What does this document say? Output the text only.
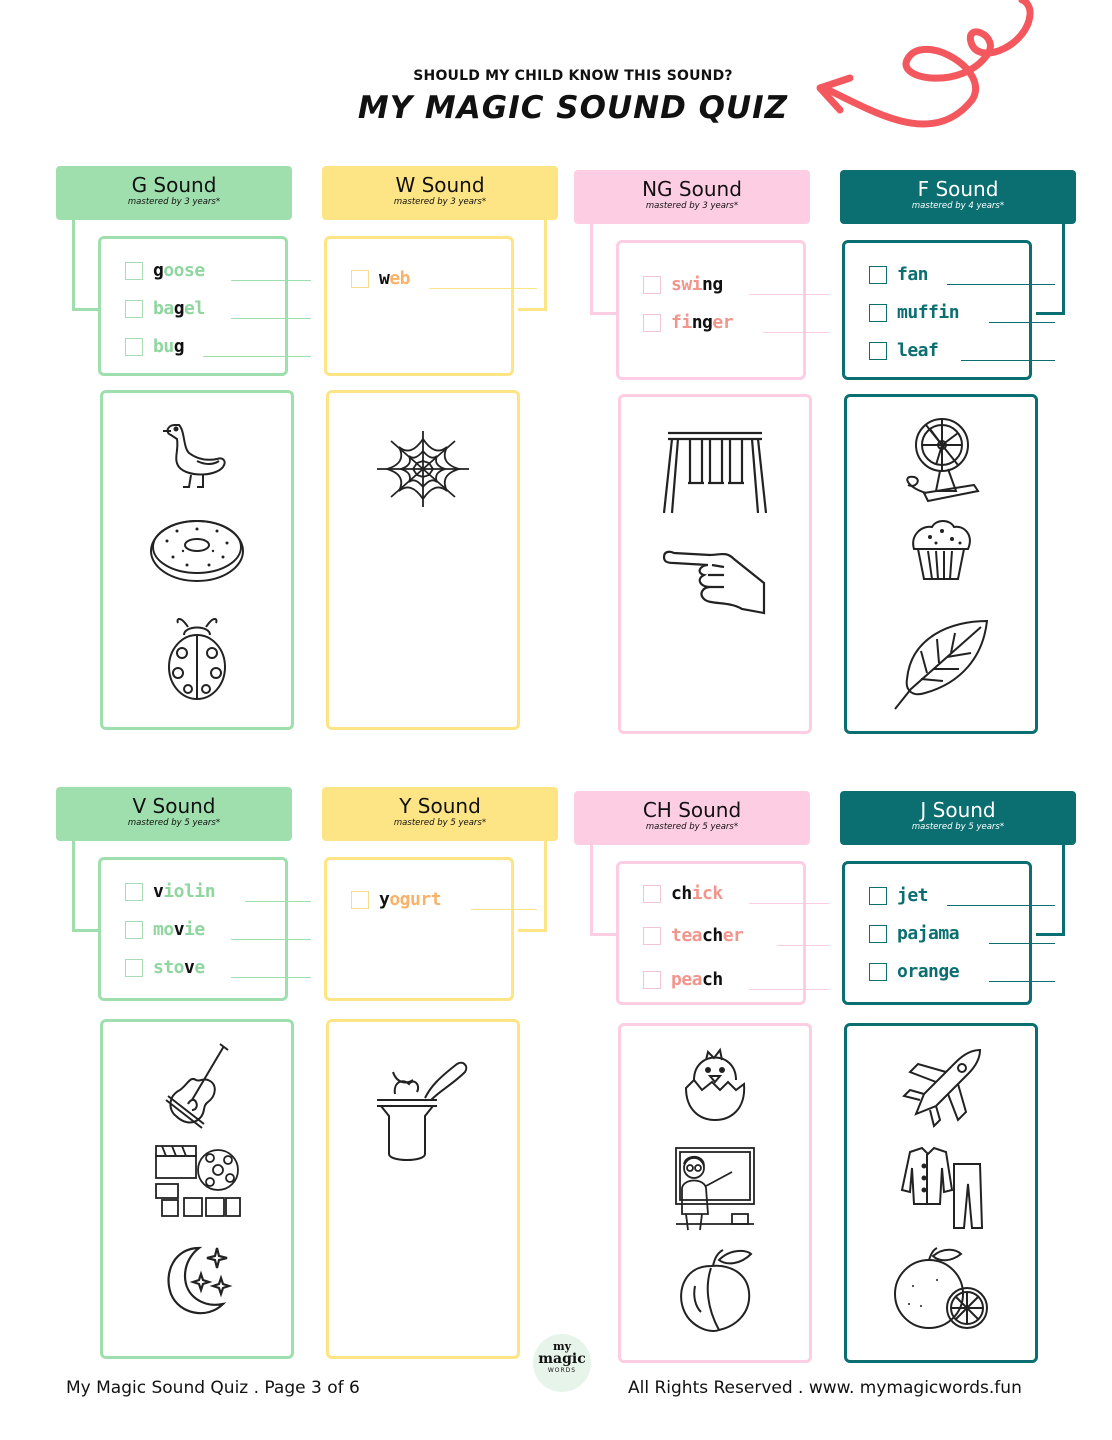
SHOULD MY CHILD KNOW THIS SOUND?
MY MAGIC SOUND QUIZ
G Sound
mastered by 3 years*
goose
bagel
bug
W Sound
mastered by 3 years*
web
NG Sound
mastered by 3 years*
swing
finger
F Sound
mastered by 4 years*
fan
muffin
leaf
V Sound
mastered by 5 years*
violin
movie
stove
Y Sound
mastered by 5 years*
yogurt
CH Sound
mastered by 5 years*
chick
teacher
peach
J Sound
mastered by 5 years*
jet
pajama
orange
My Magic Sound Quiz . Page 3 of 6
my
magic
WORDS
All Rights Reserved . www. mymagicwords.fun
